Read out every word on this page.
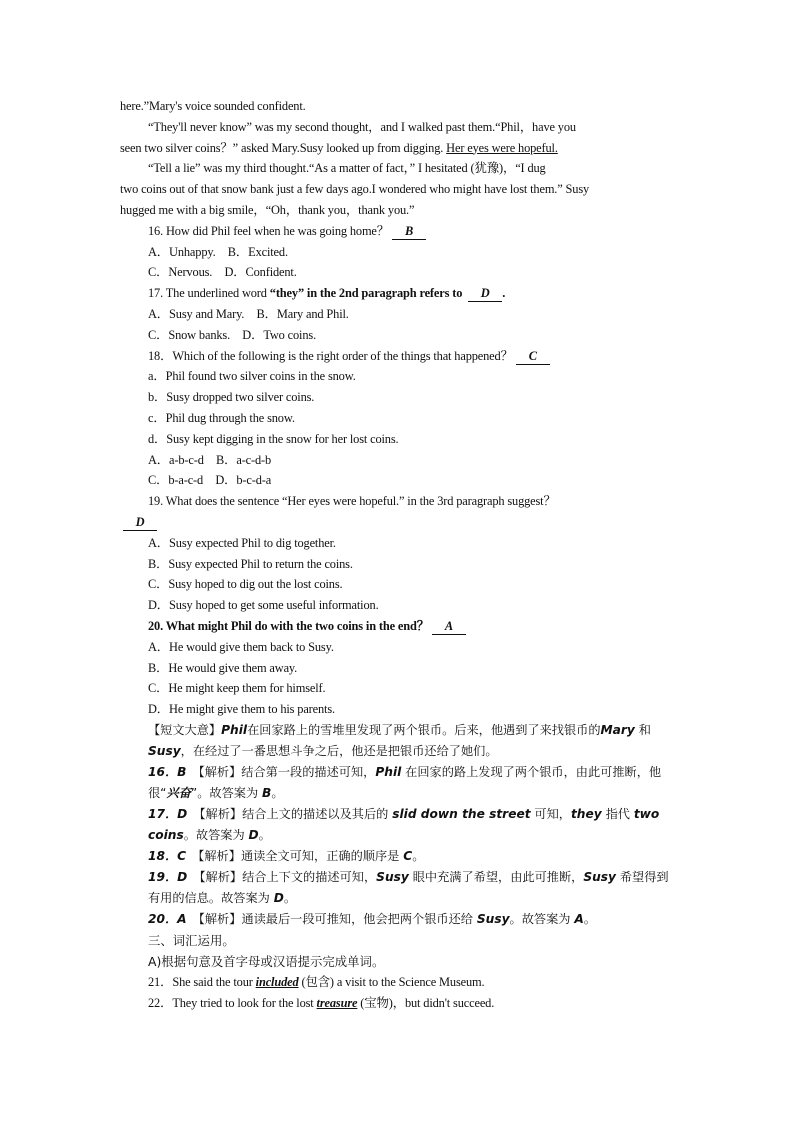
here.”Mary's voice sounded confident.
“They'll never know” was my second thought，and I walked past them.“Phil，have you
seen two silver coins？” asked Mary.Susy looked up from digging. Her eyes were hopeful.
“Tell a lie” was my third thought.“As a matter of fact，” I hesitated (犹豫)，“I dug
two coins out of that snow bank just a few days ago.I wondered who might have lost them.” Susy
hugged me with a big smile，“Oh，thank you，thank you.”
16. How did Phil feel when he was going home？ B
A．Unhappy.　B．Excited.
C．Nervous.　D．Confident.
17. The underlined word “they” in the 2nd paragraph refers to D .
A．Susy and Mary.　B．Mary and Phil.
C．Snow banks.　D．Two coins.
18．Which of the following is the right order of the things that happened？ C
a．Phil found two silver coins in the snow.
b．Susy dropped two silver coins.
c．Phil dug through the snow.
d．Susy kept digging in the snow for her lost coins.
A．a-b-c-d　B．a-c-d-b
C．b-a-c-d　D．b-c-d-a
19. What does the sentence “Her eyes were hopeful.” in the 3rd paragraph suggest？
D
A．Susy expected Phil to dig together.
B．Susy expected Phil to return the coins.
C．Susy hoped to dig out the lost coins.
D．Susy hoped to get some useful information.
20. What might Phil do with the two coins in the end？ A
A．He would give them back to Susy.
B．He would give them away.
C．He might keep them for himself.
D．He might give them to his parents.
【短文大意】Phil在回家路上的雪堆里发现了两个银币。后来，他遇到了来找银币的Mary 和 Susy，在经过了一番思想斗争之后，他还是把银币还给了她们。
16．B　 【解析】结合第一段的描述可知，Phil 在回家的路上发现了两个银币，由此可推断，他很“兴奋”。故答案为 B。
17．D　 【解析】结合上文的描述以及其后的 slid down the street 可知，they 指代 two coins。故答案为 D。
18．C　 【解析】通读全文可知，正确的顺序是 C。
19．D　 【解析】结合上下文的描述可知，Susy 眼中充满了希望，由此可推断，Susy 希望得到有用的信息。故答案为 D。
20．A　 【解析】通读最后一段可推知，他会把两个银币还给 Susy。故答案为 A。
三、词汇运用。
A)根据句意及首字母或汉语提示完成单词。
21．She said the tour included (包含) a visit to the Science Museum.
22．They tried to look for the lost treasure (宝物)，but didn't succeed.
